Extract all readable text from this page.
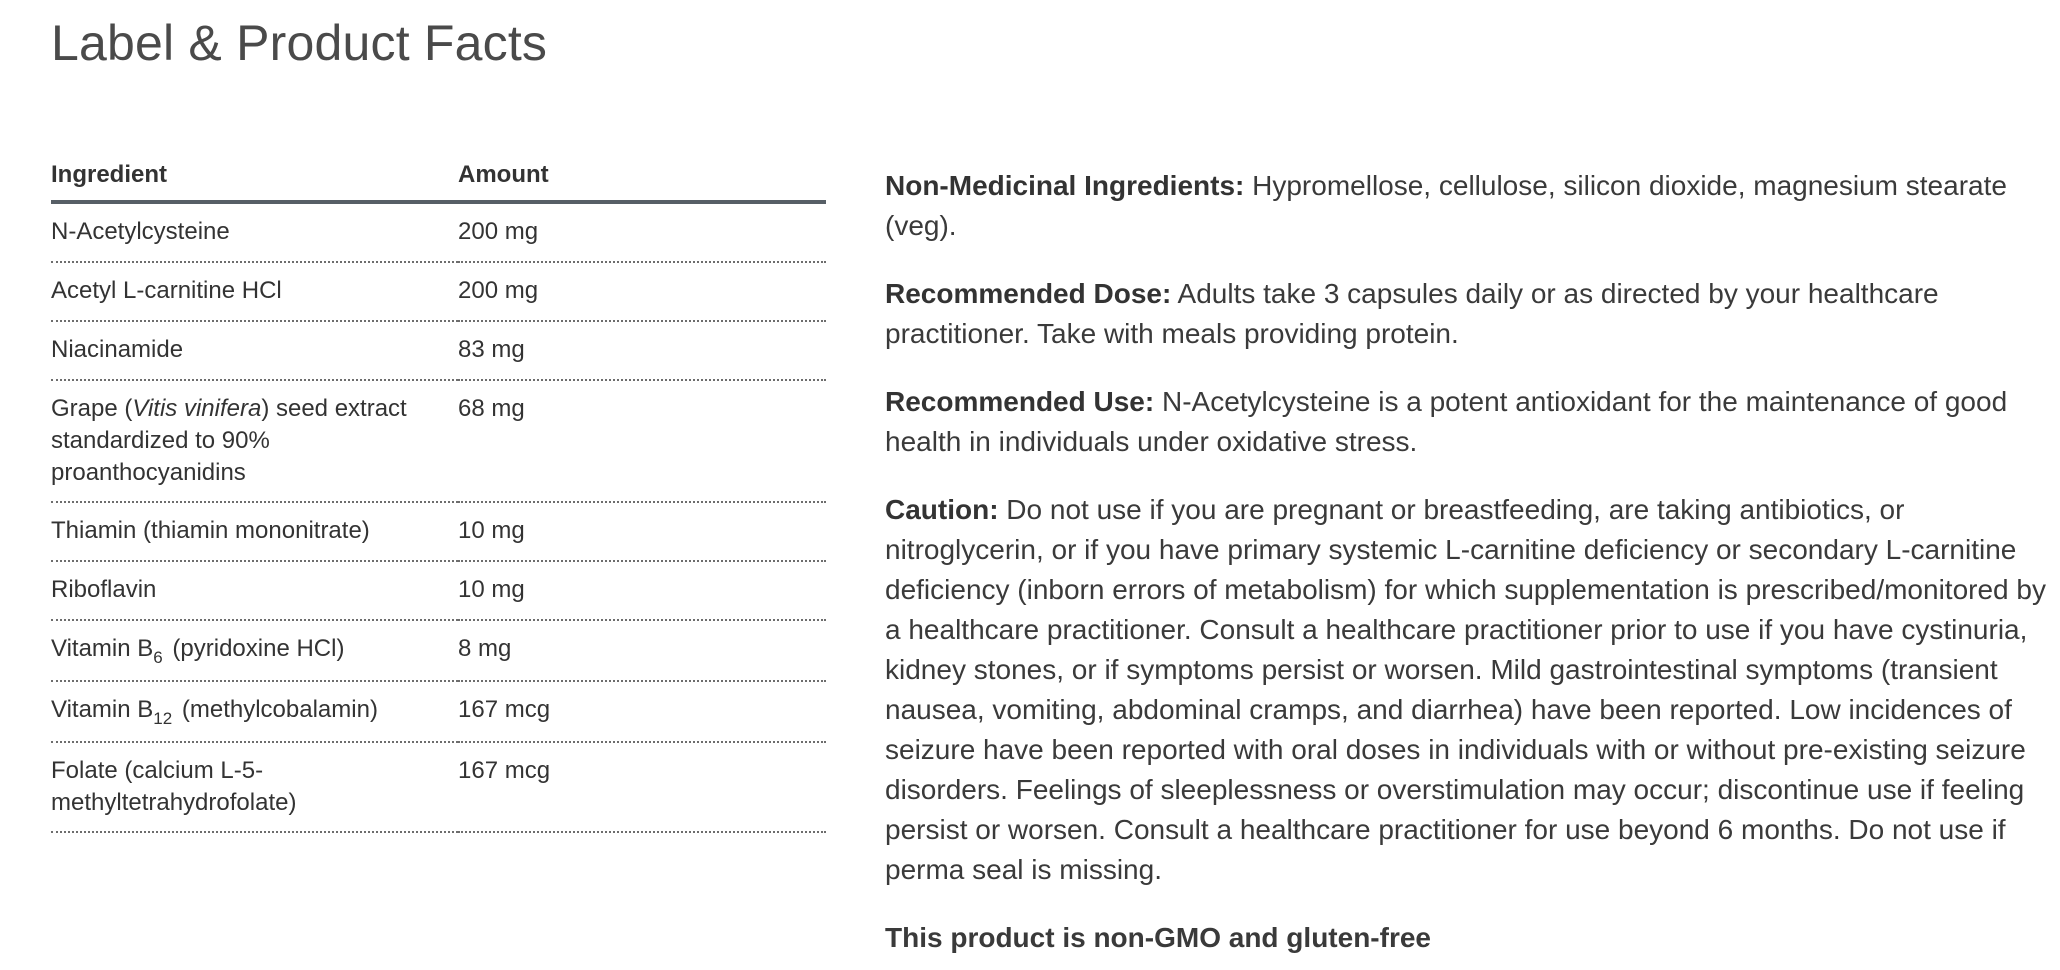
Label & Product Facts
Ingredient	Amount
N-Acetylcysteine	200 mg
Acetyl L-carnitine HCl	200 mg
Niacinamide	83 mg
Grape (Vitis vinifera) seed extract standardized to 90% proanthocyanidins	68 mg
Thiamin (thiamin mononitrate)	10 mg
Riboflavin	10 mg
Vitamin $B_6$ (pyridoxine HCl)	8 mg
Vitamin $B_{12}$ (methylcobalamin)	167 mcg
Folate (calcium L-5-methyltetrahydrofolate)	167 mcg

Non-Medicinal Ingredients: Hypromellose, cellulose, silicon dioxide, magnesium stearate (veg).

Recommended Dose: Adults take 3 capsules daily or as directed by your healthcare practitioner. Take with meals providing protein.

Recommended Use: N-Acetylcysteine is a potent antioxidant for the maintenance of good health in individuals under oxidative stress.

Caution: Do not use if you are pregnant or breastfeeding, are taking antibiotics, or nitroglycerin, or if you have primary systemic L-carnitine deficiency or secondary L-carnitine deficiency (inborn errors of metabolism) for which supplementation is prescribed/monitored by a healthcare practitioner. Consult a healthcare practitioner prior to use if you have cystinuria, kidney stones, or if symptoms persist or worsen. Mild gastrointestinal symptoms (transient nausea, vomiting, abdominal cramps, and diarrhea) have been reported. Low incidences of seizure have been reported with oral doses in individuals with or without pre-existing seizure disorders. Feelings of sleeplessness or overstimulation may occur; discontinue use if feeling persist or worsen. Consult a healthcare practitioner for use beyond 6 months. Do not use if perma seal is missing.

This product is non-GMO and gluten-free
